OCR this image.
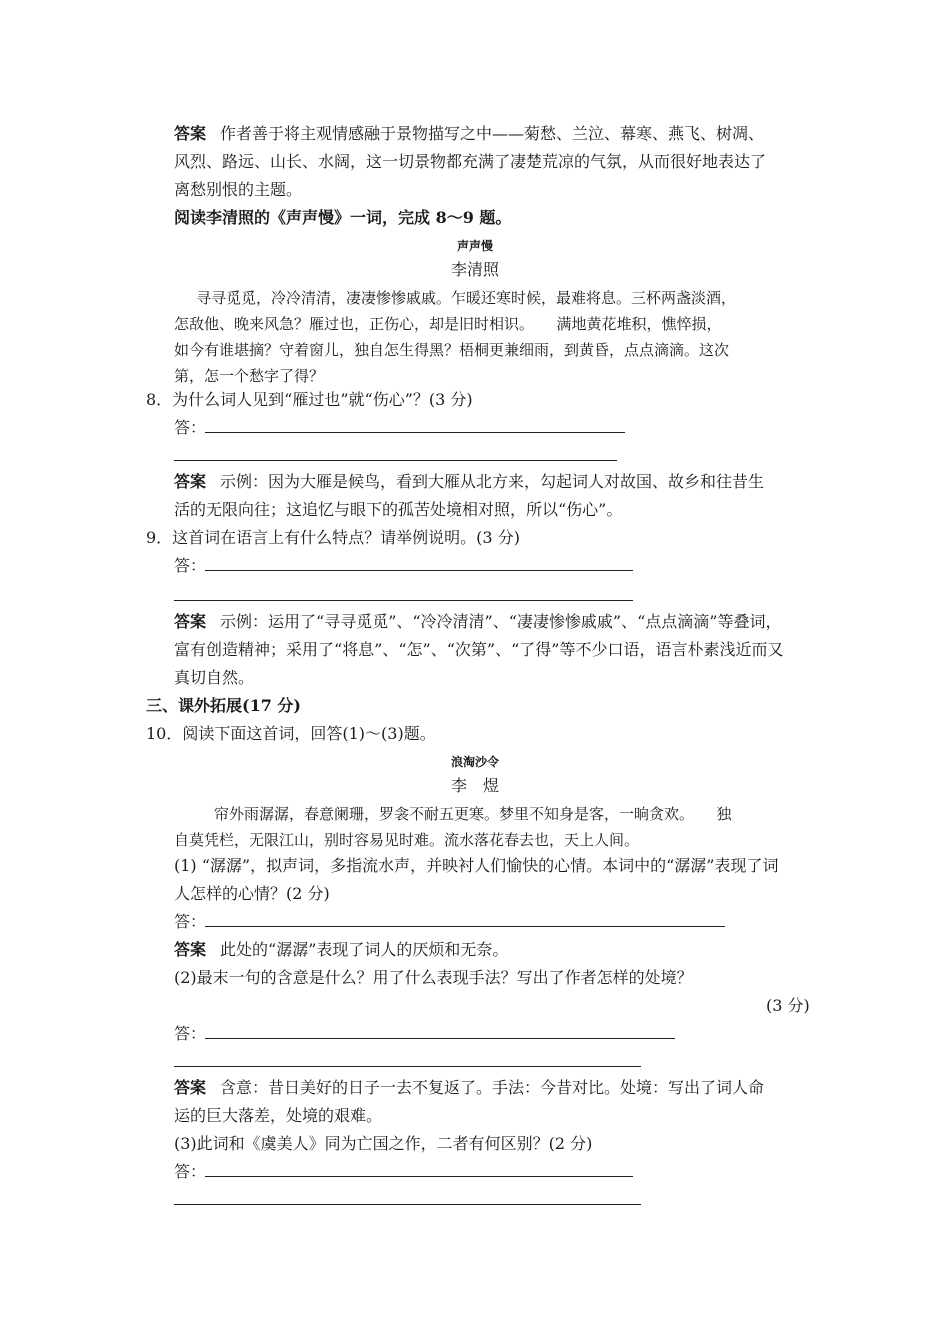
答案 作者善于将主观情感融于景物描写之中——菊愁、兰泣、幕寒、燕飞、树凋、
风烈、路远、山长、水阔，这一切景物都充满了凄楚荒凉的气氛，从而很好地表达了
离愁别恨的主题。
阅读李清照的《声声慢》一词，完成 8～9 题。
声声慢
李清照
寻寻觅觅，冷冷清清，凄凄惨惨戚戚。乍暖还寒时候，最难将息。三杯两盏淡酒，
怎敌他、晚来风急？雁过也，正伤心，却是旧时相识。　　满地黄花堆积，憔悴损，
如今有谁堪摘？守着窗儿，独自怎生得黑？梧桐更兼细雨，到黄昏，点点滴滴。这次
第，怎一个愁字了得？
8．为什么词人见到“雁过也”就“伤心”？(3 分)
答：
答案 示例：因为大雁是候鸟，看到大雁从北方来，勾起词人对故国、故乡和往昔生
活的无限向往；这追忆与眼下的孤苦处境相对照，所以“伤心”。
9．这首词在语言上有什么特点？请举例说明。(3 分)
答：
答案 示例：运用了“寻寻觅觅”、“冷冷清清”、“凄凄惨惨戚戚”、“点点滴滴”等叠词，
富有创造精神；采用了“将息”、“怎”、“次第”、“了得”等不少口语，语言朴素浅近而又
真切自然。
三、课外拓展(17 分)
10．阅读下面这首词，回答(1)～(3)题。
浪淘沙令
李　煜
帘外雨潺潺，春意阑珊，罗衾不耐五更寒。梦里不知身是客，一晌贪欢。　　独
自莫凭栏，无限江山，别时容易见时难。流水落花春去也，天上人间。
(1) “潺潺”，拟声词，多指流水声，并映衬人们愉快的心情。本词中的“潺潺”表现了词
人怎样的心情？(2 分)
答：
答案 此处的“潺潺”表现了词人的厌烦和无奈。
(2)最末一句的含意是什么？用了什么表现手法？写出了作者怎样的处境？
(3 分)
答：
答案 含意：昔日美好的日子一去不复返了。手法：今昔对比。处境：写出了词人命
运的巨大落差，处境的艰难。
(3)此词和《虞美人》同为亡国之作，二者有何区别？(2 分)
答：
